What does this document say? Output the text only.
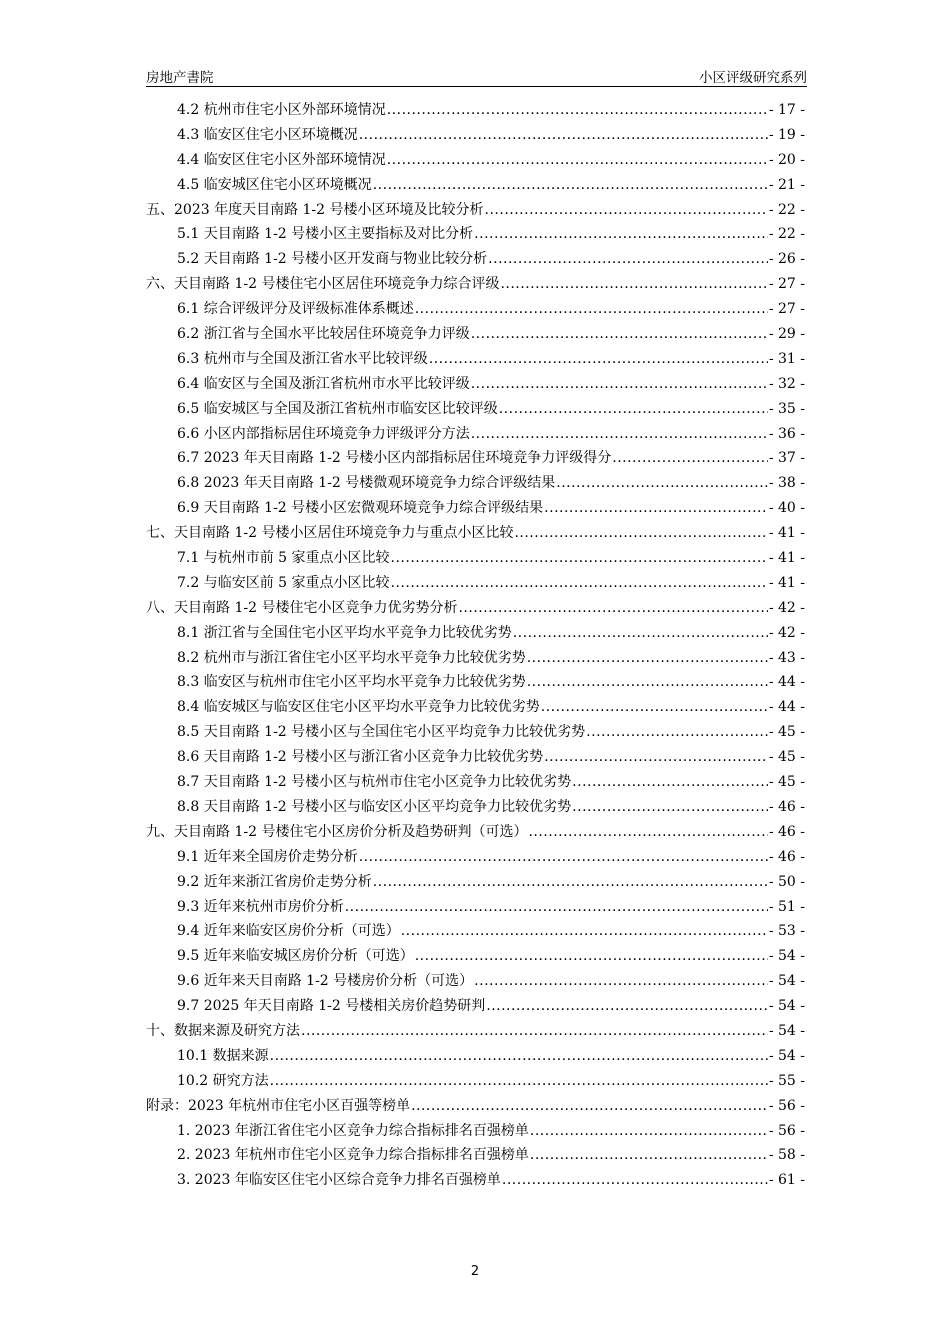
房地产書院	小区评级研究系列
4.2 杭州市住宅小区外部环境情况 .....	- 17 -
4.3 临安区住宅小区环境概况 .....	- 19 -
4.4 临安区住宅小区外部环境情况 .....	- 20 -
4.5 临安城区住宅小区环境概况 .....	- 21 -
五、2023 年度天目南路 1-2 号楼小区环境及比较分析 .....	- 22 -
5.1 天目南路 1-2 号楼小区主要指标及对比分析 .....	- 22 -
5.2 天目南路 1-2 号楼小区开发商与物业比较分析 .....	- 26 -
六、天目南路 1-2 号楼住宅小区居住环境竞争力综合评级 .....	- 27 -
6.1 综合评级评分及评级标准体系概述 .....	- 27 -
6.2 浙江省与全国水平比较居住环境竞争力评级 .....	- 29 -
6.3 杭州市与全国及浙江省水平比较评级 .....	- 31 -
6.4 临安区与全国及浙江省杭州市水平比较评级 .....	- 32 -
6.5 临安城区与全国及浙江省杭州市临安区比较评级 .....	- 35 -
6.6 小区内部指标居住环境竞争力评级评分方法 .....	- 36 -
6.7 2023 年天目南路 1-2 号楼小区内部指标居住环境竞争力评级得分 .....	- 37 -
6.8 2023 年天目南路 1-2 号楼微观环境竞争力综合评级结果 .....	- 38 -
6.9 天目南路 1-2 号楼小区宏微观环境竞争力综合评级结果 .....	- 40 -
七、天目南路 1-2 号楼小区居住环境竞争力与重点小区比较 .....	- 41 -
7.1 与杭州市前 5 家重点小区比较 .....	- 41 -
7.2 与临安区前 5 家重点小区比较 .....	- 41 -
八、天目南路 1-2 号楼住宅小区竞争力优劣势分析 .....	- 42 -
8.1 浙江省与全国住宅小区平均水平竞争力比较优劣势 .....	- 42 -
8.2 杭州市与浙江省住宅小区平均水平竞争力比较优劣势 .....	- 43 -
8.3 临安区与杭州市住宅小区平均水平竞争力比较优劣势 .....	- 44 -
8.4 临安城区与临安区住宅小区平均水平竞争力比较优劣势 .....	- 44 -
8.5 天目南路 1-2 号楼小区与全国住宅小区平均竞争力比较优劣势 .....	- 45 -
8.6 天目南路 1-2 号楼小区与浙江省小区竞争力比较优劣势 .....	- 45 -
8.7 天目南路 1-2 号楼小区与杭州市住宅小区竞争力比较优劣势 .....	- 45 -
8.8 天目南路 1-2 号楼小区与临安区小区平均竞争力比较优劣势 .....	- 46 -
九、天目南路 1-2 号楼住宅小区房价分析及趋势研判（可选） .....	- 46 -
9.1 近年来全国房价走势分析 .....	- 46 -
9.2 近年来浙江省房价走势分析 .....	- 50 -
9.3 近年来杭州市房价分析 .....	- 51 -
9.4 近年来临安区房价分析（可选） .....	- 53 -
9.5 近年来临安城区房价分析（可选） .....	- 54 -
9.6 近年来天目南路 1-2 号楼房价分析（可选） .....	- 54 -
9.7 2025 年天目南路 1-2 号楼相关房价趋势研判 .....	- 54 -
十、数据来源及研究方法 .....	- 54 -
10.1 数据来源 .....	- 54 -
10.2 研究方法 .....	- 55 -
附录：2023 年杭州市住宅小区百强等榜单 .....	- 56 -
1. 2023 年浙江省住宅小区竞争力综合指标排名百强榜单 .....	- 56 -
2. 2023 年杭州市住宅小区竞争力综合指标排名百强榜单 .....	- 58 -
3. 2023 年临安区住宅小区综合竞争力排名百强榜单 .....	- 61 -
2
